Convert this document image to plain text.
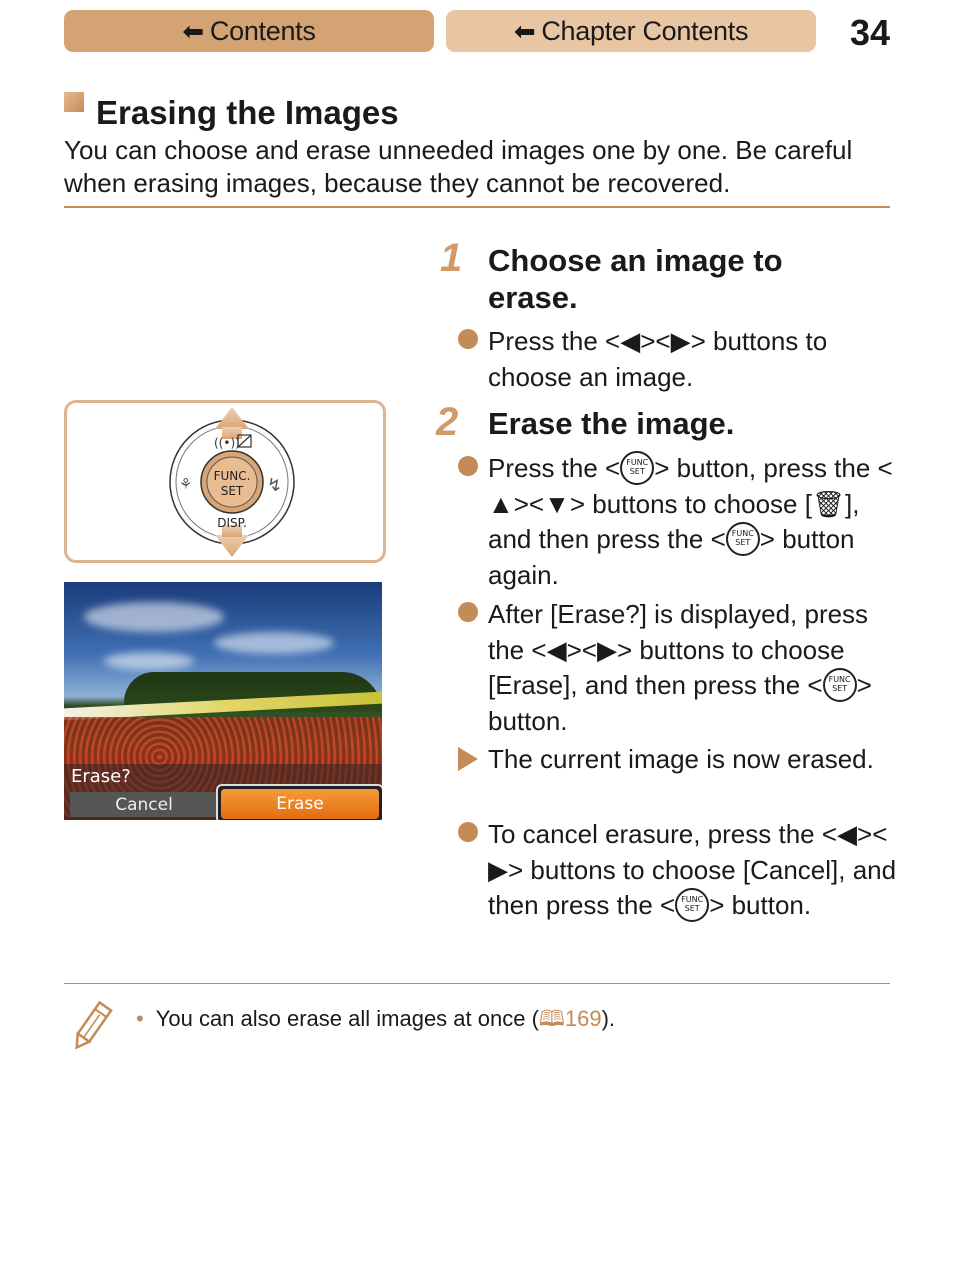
⬅ Contents	⬅ Chapter Contents	34
Erasing the Images
You can choose and erase unneeded images one by one. Be careful when erasing images, because they cannot be recovered.
FUNC.
SET
DISP.
((•))
⚘	↯
Erase?
Cancel	Erase
1 Choose an image to erase.
Press the <◀><▶> buttons to choose an image.
2 Erase the image.
Press the < FUNC SET > button, press the <▲><▼> buttons to choose [🗑], and then press the < FUNC SET > button again.
After [Erase?] is displayed, press the <◀><▶> buttons to choose [Erase], and then press the < FUNC SET > button.
The current image is now erased.
To cancel erasure, press the <◀><▶> buttons to choose [Cancel], and then press the < FUNC SET > button.
• You can also erase all images at once (🕮169).
